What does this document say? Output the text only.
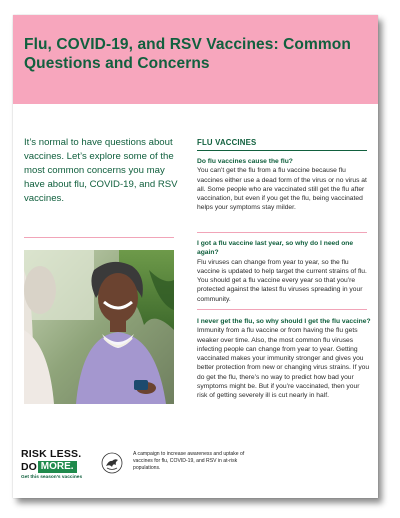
Flu, COVID-19, and RSV Vaccines: Common Questions and Concerns

It’s normal to have questions about vaccines. Let’s explore some of the most common concerns you may have about flu, COVID-19, and RSV vaccines.

FLU VACCINES

Do flu vaccines cause the flu?

You can’t get the flu from a flu vaccine because flu vaccines either use a dead form of the virus or no virus at all. Some people who are vaccinated still get the flu after vaccination, but even if you get the flu, being vaccinated helps your symptoms stay milder.

I got a flu vaccine last year, so why do I need one again?

Flu viruses can change from year to year, so the flu vaccine is updated to help target the current strains of flu. You should get a flu vaccine every year so that you’re protected against the latest flu viruses spreading in your community.

I never get the flu, so why should I get the flu vaccine?

Immunity from a flu vaccine or from having the flu gets weaker over time. Also, the most common flu viruses infecting people can change from year to year. Getting vaccinated makes your immunity stronger and gives you better protection from new or changing virus strains. If you do get the flu, there’s no way to predict how bad your symptoms might be. But if you’re vaccinated, then your risk of getting severely ill is cut nearly in half.

RISK LESS.
DO MORE.
Get this season’s vaccines

A campaign to increase awareness and uptake of vaccines for flu, COVID-19, and RSV in at-risk populations.
